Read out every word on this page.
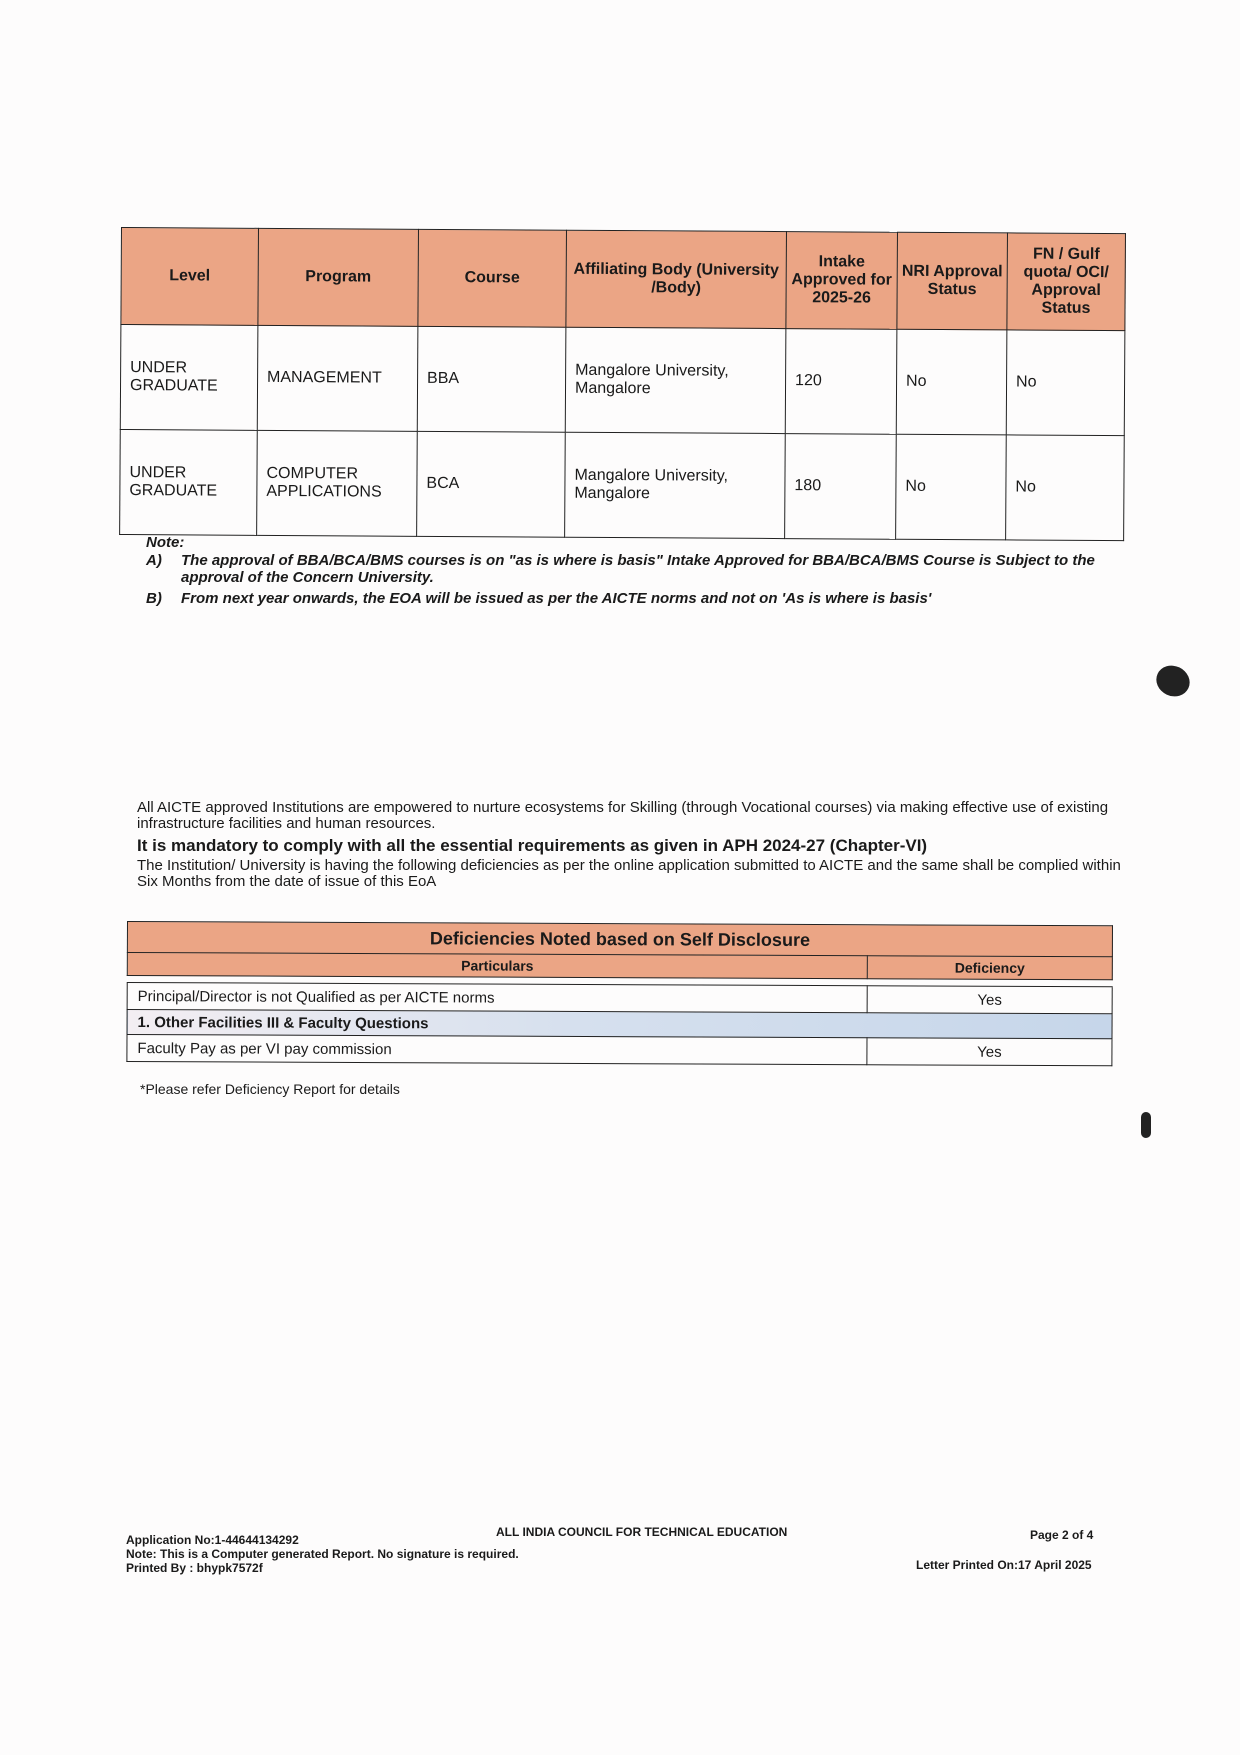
Level	Program	Course	Affiliating Body (University /Body)	Intake Approved for 2025-26	NRI Approval Status	FN / Gulf quota/ OCI/ Approval Status
UNDER GRADUATE	MANAGEMENT	BBA	Mangalore University, Mangalore	120	No	No
UNDER GRADUATE	COMPUTER APPLICATIONS	BCA	Mangalore University, Mangalore	180	No	No
Note:
A) The approval of BBA/BCA/BMS courses is on "as is where is basis" Intake Approved for BBA/BCA/BMS Course is Subject to the approval of the Concern University.
B) From next year onwards, the EOA will be issued as per the AICTE norms and not on 'As is where is basis'
All AICTE approved Institutions are empowered to nurture ecosystems for Skilling (through Vocational courses) via making effective use of existing infrastructure facilities and human resources.
It is mandatory to comply with all the essential requirements as given in APH 2024-27 (Chapter-VI)
The Institution/ University is having the following deficiencies as per the online application submitted to AICTE and the same shall be complied within Six Months from the date of issue of this EoA
Deficiencies Noted based on Self Disclosure	
Particulars	Deficiency

Principal/Director is not Qualified as per AICTE norms	Yes
1. Other Facilities III & Faculty Questions	
Faculty Pay as per VI pay commission	Yes
*Please refer Deficiency Report for details
Application No:1-44644134292
Note: This is a Computer generated Report. No signature is required.
Printed By : bhypk7572f
ALL INDIA COUNCIL FOR TECHNICAL EDUCATION	Page 2 of 4
Letter Printed On:17 April 2025
